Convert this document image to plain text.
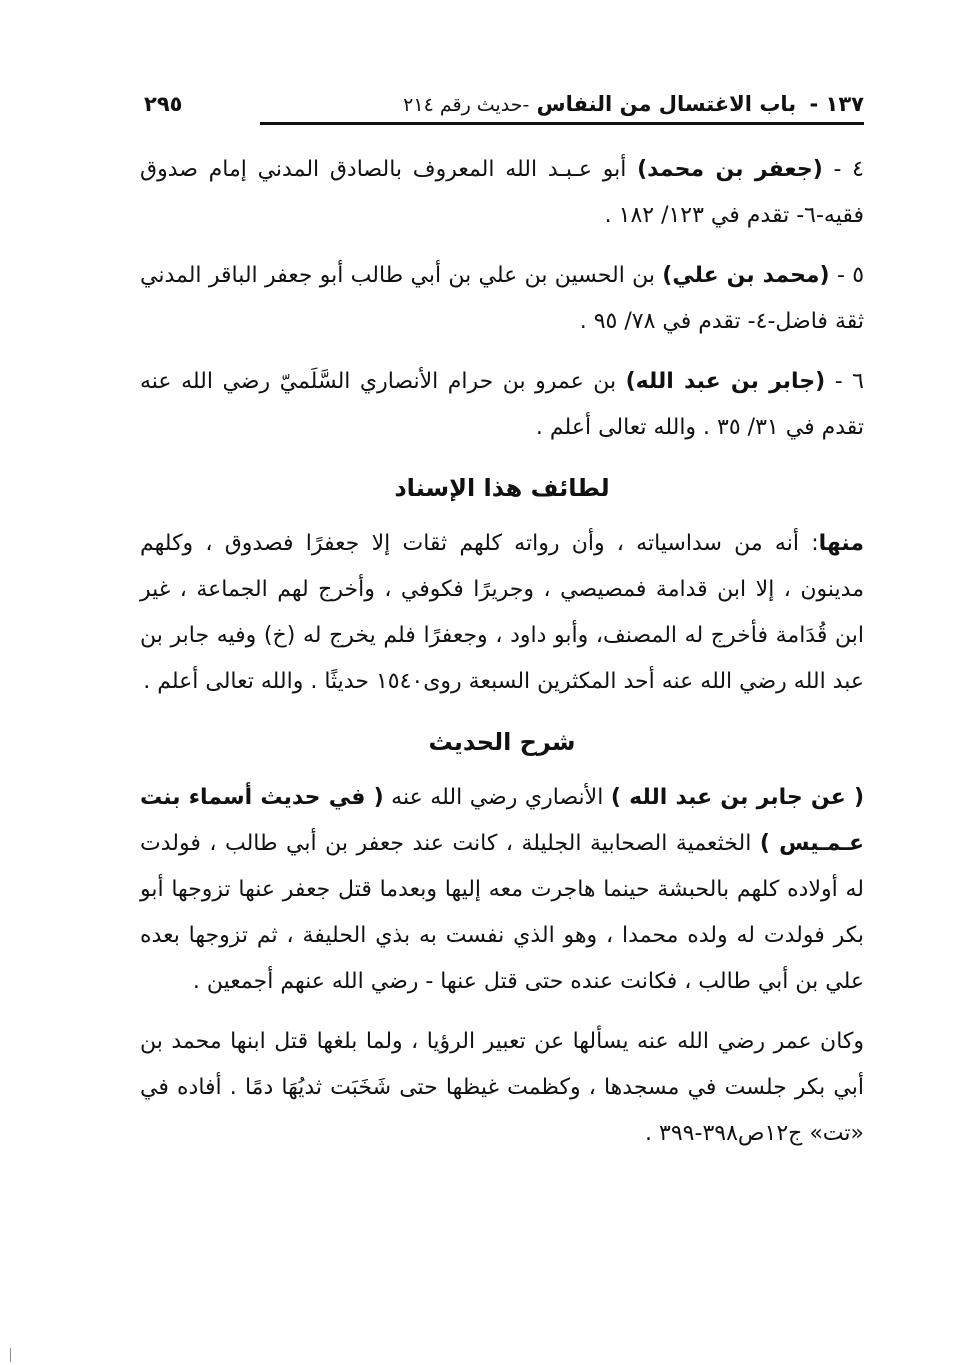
١٣٧ - باب الاغتسال من النفاس -حديث رقم ٢١٤
٢٩٥

٤ - (جعفر بن محمد) أبو عـبـد الله المعروف بالصادق المدني إمام صدوق فقيه-٦- تقدم في ١٢٣/ ١٨٢ .

٥ - (محمد بن علي) بن الحسين بن علي بن أبي طالب أبو جعفر الباقر المدني ثقة فاضل-٤- تقدم في ٧٨/ ٩٥ .

٦ - (جابر بن عبد الله) بن عمرو بن حرام الأنصاري السَّلَميّ رضي الله عنه تقدم في ٣١/ ٣٥ . والله تعالى أعلم .

لطائف هذا الإسناد

منها: أنه من سداسياته ، وأن رواته كلهم ثقات إلا جعفرًا فصدوق ، وكلهم مدينون ، إلا ابن قدامة فمصيصي ، وجريرًا فكوفي ، وأخرج لهم الجماعة ، غير ابن قُدَامة فأخرج له المصنف، وأبو داود ، وجعفرًا فلم يخرج له (خ) وفيه جابر بن عبد الله رضي الله عنه أحد المكثرين السبعة روى١٥٤٠ حديثًا . والله تعالى أعلم .

شرح الحديث

( عن جابر بن عبد الله ) الأنصاري رضي الله عنه ( في حديث أسماء بنت عـمـيس ) الخثعمية الصحابية الجليلة ، كانت عند جعفر بن أبي طالب ، فولدت له أولاده كلهم بالحبشة حينما هاجرت معه إليها وبعدما قتل جعفر عنها تزوجها أبو بكر فولدت له ولده محمدا ، وهو الذي نفست به بذي الحليفة ، ثم تزوجها بعده علي بن أبي طالب ، فكانت عنده حتى قتل عنها - رضي الله عنهم أجمعين .

وكان عمر رضي الله عنه يسألها عن تعبير الرؤيا ، ولما بلغها قتل ابنها محمد بن أبي بكر جلست في مسجدها ، وكظمت غيظها حتى شَخَبَت ثديُهَا دمًا . أفاده في «تت» ج١٢ص٣٩٨-٣٩٩ .
